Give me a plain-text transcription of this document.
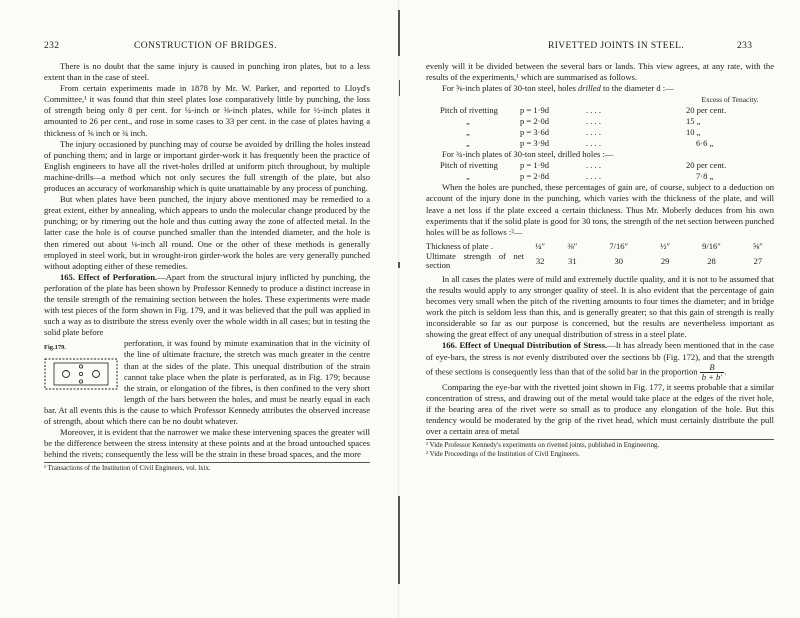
232	CONSTRUCTION OF BRIDGES.

There is no doubt that the same injury is caused in punching iron plates, but to a less extent than in the case of steel.

From certain experiments made in 1878 by Mr. W. Parker, and reported to Lloyd's Committee,¹ it was found that thin steel plates lose comparatively little by punching, the loss of strength being only 8 per cent. for ¼-inch or ⅜-inch plates, while for ½-inch plates it amounted to 26 per cent., and rose in some cases to 33 per cent. in the case of plates having a thickness of ⅝ inch or ¾ inch.

The injury occasioned by punching may of course be avoided by drilling the holes instead of punching them; and in large or important girder-work it has frequently been the practice of English engineers to have all the rivet-holes drilled at uniform pitch throughout, by multiple machine-drills—a method which not only secures the full strength of the plate, but also produces an accuracy of workmanship which is quite unattainable by any process of punching.

But when plates have been punched, the injury above mentioned may be remedied to a great extent, either by annealing, which appears to undo the molecular change produced by the punching; or by rimering out the hole and thus cutting away the zone of affected metal. In the latter case the hole is of course punched smaller than the intended diameter, and the hole is then rimered out about ⅛-inch all round. One or the other of these methods is generally employed in steel work, but in wrought-iron girder-work the holes are very generally punched without adopting either of these remedies.

165. Effect of Perforation.—Apart from the structural injury inflicted by punching, the perforation of the plate has been shown by Professor Kennedy to produce a distinct increase in the tensile strength of the remaining section between the holes. These experiments were made with test pieces of the form shown in Fig. 179, and it was believed that the pull was applied in such a way as to distribute the stress evenly over the whole width in all cases; but in testing the solid plate before

Fig.179.	perforation, it was found by minute examination that in the vicinity of the line of ultimate fracture, the stretch was much greater in the centre than at the sides of the plate. This unequal distribution of the strain cannot take place when the plate is perforated, as in Fig. 179; because the strain, or elongation of the fibres, is then confined to the very short length of the bars between the holes, and must be nearly equal in each bar. At all events this is the cause to which Professor Kennedy attributes the observed increase of strength, about which there can be no doubt whatever.

Moreover, it is evident that the narrower we make these intervening spaces the greater will be the difference between the stress intensity at these points and at the broad untouched spaces behind the rivets; consequently the less will be the strain in these broad spaces, and the more

¹ Transactions of the Institution of Civil Engineers, vol. lxix.
RIVETTED JOINTS IN STEEL.	233

evenly will it be divided between the several bars or lands. This view agrees, at any rate, with the results of the experiments,¹ which are summarised as follows.

For ⅝-inch plates of 30-ton steel, holes drilled to the diameter d :—

				Excess of Tenacity.
Pitch of rivetting	p = 1·9d	. . . .		20 per cent.
„	p = 2·0d	. . . .		15 „
„	p = 3·6d	. . . .		10 „
„	p = 3·9d	. . . .		6·6 „

For ¾-inch plates of 30-ton steel, drilled holes :—

Pitch of rivetting	p = 1·9d	. . . .		20 per cent.
„	p = 2·8d	. . . .		7·8 „

When the holes are punched, these percentages of gain are, of course, subject to a deduction on account of the injury done in the punching, which varies with the thickness of the plate, and will leave a net loss if the plate exceed a certain thickness. Thus Mr. Moberly deduces from his own experiments that if the solid plate is good for 30 tons, the strength of the net section between punched holes will be as follows :²—

Thickness of plate .	¼″	⅜″	7/16″	½″	9/16″	⅝″
Ultimate strength of net section	32	31	30	29	28	27

In all cases the plates were of mild and extremely ductile quality, and it is not to be assumed that the results would apply to any stronger quality of steel. It is also evident that the percentage of gain becomes very small when the pitch of the rivetting amounts to four times the diameter; and in bridge work the pitch is seldom less than this, and is generally greater; so that this gain of strength is really inconsiderable so far as our purpose is concerned, but the results are nevertheless important as showing the great effect of any unequal distribution of stress in a steel plate.

166. Effect of Unequal Distribution of Stress.—It has already been mentioned that in the case of eye-bars, the stress is not evenly distributed over the sections bb (Fig. 172), and that the strength of these sections is consequently less than that of the solid bar in the proportion $\frac{B}{b + b'}$ .

Comparing the eye-bar with the rivetted joint shown in Fig. 177, it seems probable that a similar concentration of stress, and drawing out of the metal would take place at the edges of the rivet hole, if the bearing area of the rivet were so small as to produce any elongation of the hole. But this tendency would be moderated by the grip of the rivet head, which must certainly distribute the pull over a certain area of metal

¹ Vide Professor Kennedy's experiments on rivetted joints, published in Engineering.
² Vide Proceedings of the Institution of Civil Engineers.
